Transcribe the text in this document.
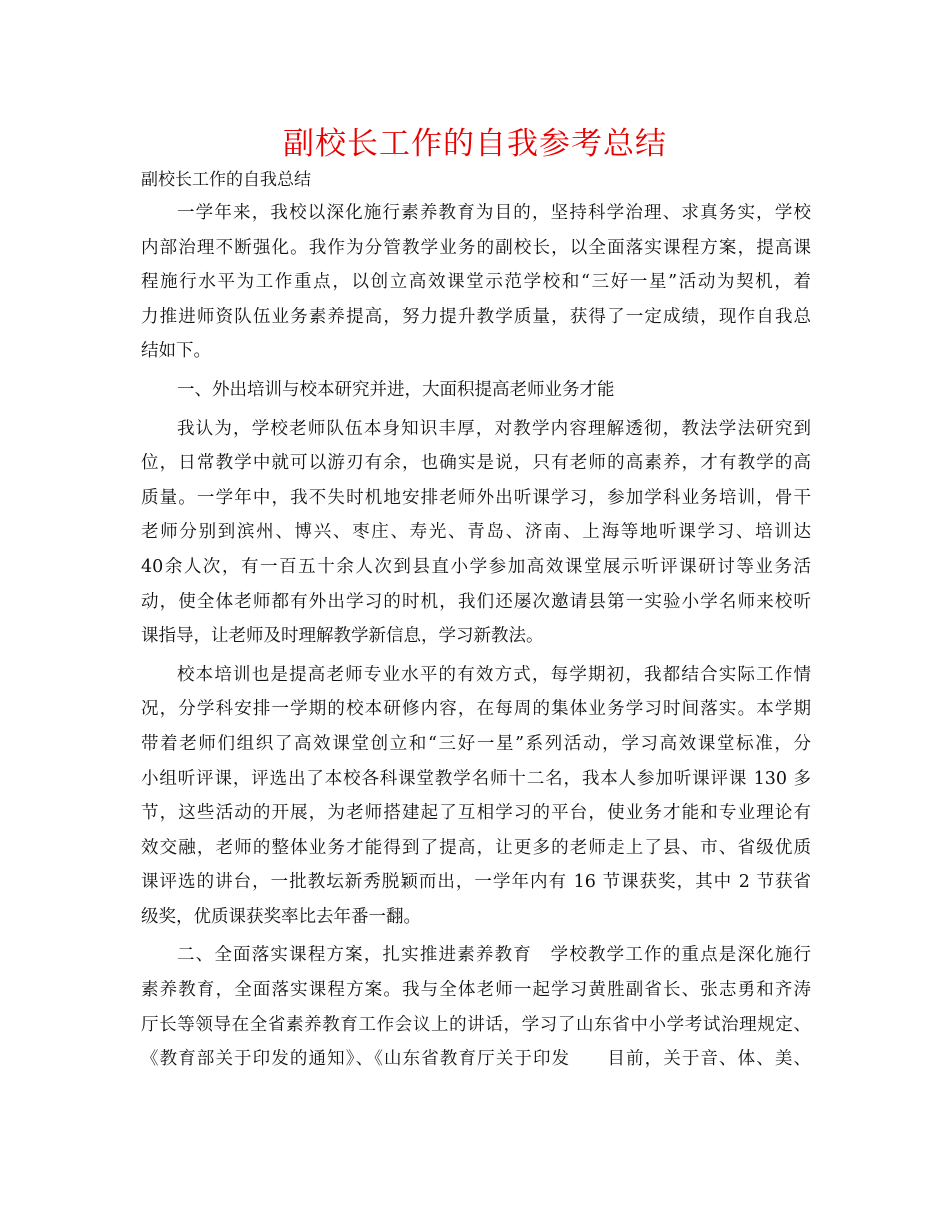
副校长工作的自我参考总结

副校长工作的自我总结

一学年来，我校以深化施行素养教育为目的，坚持科学治理、求真务实，学校
内部治理不断强化。我作为分管教学业务的副校长，以全面落实课程方案，提高课
程施行水平为工作重点，以创立高效课堂示范学校和“三好一星”活动为契机，着
力推进师资队伍业务素养提高，努力提升教学质量，获得了一定成绩，现作自我总
结如下。
一、外出培训与校本研究并进，大面积提高老师业务才能
我认为，学校老师队伍本身知识丰厚，对教学内容理解透彻，教法学法研究到
位，日常教学中就可以游刃有余，也确实是说，只有老师的高素养，才有教学的高
质量。一学年中，我不失时机地安排老师外出听课学习，参加学科业务培训，骨干
老师分别到滨州、博兴、枣庄、寿光、青岛、济南、上海等地听课学习、培训达
40余人次，有一百五十余人次到县直小学参加高效课堂展示听评课研讨等业务活
动，使全体老师都有外出学习的时机，我们还屡次邀请县第一实验小学名师来校听
课指导，让老师及时理解教学新信息，学习新教法。
校本培训也是提高老师专业水平的有效方式，每学期初，我都结合实际工作情
况，分学科安排一学期的校本研修内容，在每周的集体业务学习时间落实。本学期
带着老师们组织了高效课堂创立和“三好一星”系列活动，学习高效课堂标准，分
小组听评课，评选出了本校各科课堂教学名师十二名，我本人参加听课评课 130 多
节，这些活动的开展，为老师搭建起了互相学习的平台，使业务才能和专业理论有
效交融，老师的整体业务才能得到了提高，让更多的老师走上了县、市、省级优质
课评选的讲台，一批教坛新秀脱颖而出，一学年内有 16 节课获奖，其中 2 节获省
级奖，优质课获奖率比去年番一翻。
二、全面落实课程方案，扎实推进素养教育　学校教学工作的重点是深化施行
素养教育，全面落实课程方案。我与全体老师一起学习黄胜副省长、张志勇和齐涛
厅长等领导在全省素养教育工作会议上的讲话，学习了山东省中小学考试治理规定、
《教育部关于印发的通知》、《山东省教育厅关于印发　　目前，关于音、体、美、
